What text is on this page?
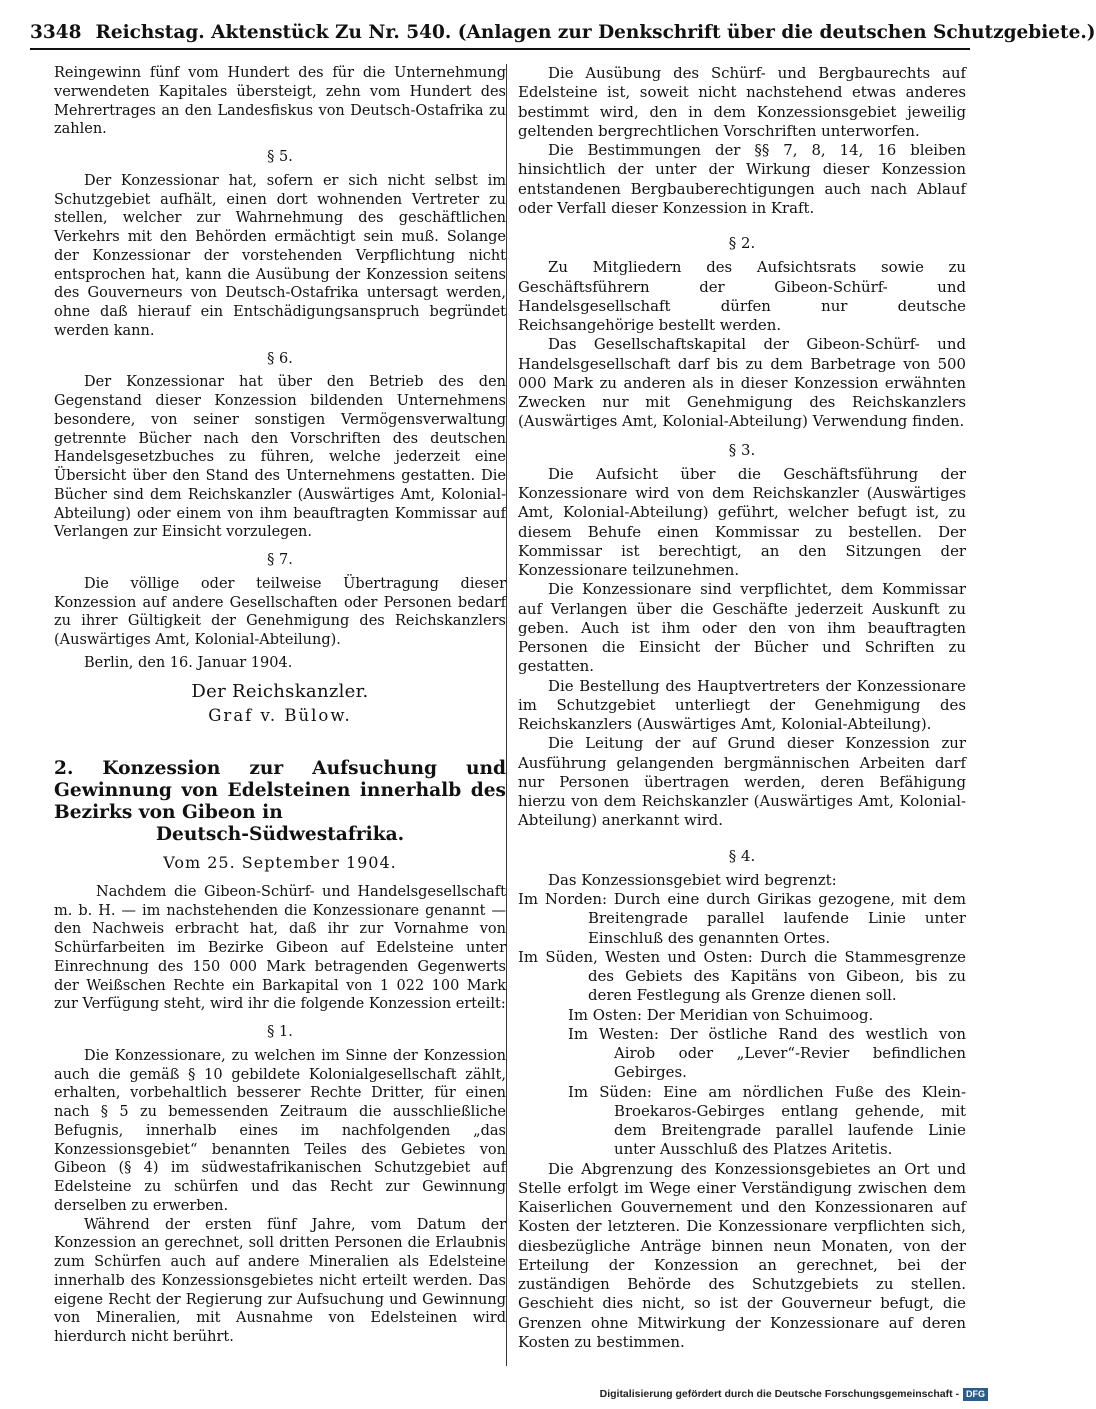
3348 Reichstag. Aktenstück Zu Nr. 540. (Anlagen zur Denkschrift über die deutschen Schutzgebiete.)

Reingewinn fünf vom Hundert des für die Unternehmung verwendeten Kapitales übersteigt, zehn vom Hundert des Mehrertrages an den Landesfiskus von Deutsch-Ostafrika zu zahlen.

§ 5.

Der Konzessionar hat, sofern er sich nicht selbst im Schutzgebiet aufhält, einen dort wohnenden Vertreter zu stellen, welcher zur Wahrnehmung des geschäftlichen Verkehrs mit den Behörden ermächtigt sein muß. Solange der Konzessionar der vorstehenden Verpflichtung nicht entsprochen hat, kann die Ausübung der Konzession seitens des Gouverneurs von Deutsch-Ostafrika untersagt werden, ohne daß hierauf ein Entschädigungsanspruch begründet werden kann.

§ 6.

Der Konzessionar hat über den Betrieb des den Gegenstand dieser Konzession bildenden Unternehmens besondere, von seiner sonstigen Vermögensverwaltung getrennte Bücher nach den Vorschriften des deutschen Handelsgesetzbuches zu führen, welche jederzeit eine Übersicht über den Stand des Unternehmens gestatten. Die Bücher sind dem Reichskanzler (Auswärtiges Amt, Kolonial-Abteilung) oder einem von ihm beauftragten Kommissar auf Verlangen zur Einsicht vorzulegen.

§ 7.

Die völlige oder teilweise Übertragung dieser Konzession auf andere Gesellschaften oder Personen bedarf zu ihrer Gültigkeit der Genehmigung des Reichskanzlers (Auswärtiges Amt, Kolonial-Abteilung).

Berlin, den 16. Januar 1904.

Der Reichskanzler.

Graf v. Bülow.

2. Konzession zur Aufsuchung und Gewinnung von Edelsteinen innerhalb des Bezirks von Gibeon in
Deutsch-Südwestafrika.

Vom 25. September 1904.

Nachdem die Gibeon-Schürf- und Handelsgesellschaft m. b. H. — im nachstehenden die Konzessionare genannt — den Nachweis erbracht hat, daß ihr zur Vornahme von Schürfarbeiten im Bezirke Gibeon auf Edelsteine unter Einrechnung des 150 000 Mark betragenden Gegenwerts der Weißschen Rechte ein Barkapital von 1 022 100 Mark zur Verfügung steht, wird ihr die folgende Konzession erteilt:

§ 1.

Die Konzessionare, zu welchen im Sinne der Konzession auch die gemäß § 10 gebildete Kolonialgesellschaft zählt, erhalten, vorbehaltlich besserer Rechte Dritter, für einen nach § 5 zu bemessenden Zeitraum die ausschließliche Befugnis, innerhalb eines im nachfolgenden „das Konzessionsgebiet“ benannten Teiles des Gebietes von Gibeon (§ 4) im südwestafrikanischen Schutzgebiet auf Edelsteine zu schürfen und das Recht zur Gewinnung derselben zu erwerben.

Während der ersten fünf Jahre, vom Datum der Konzession an gerechnet, soll dritten Personen die Erlaubnis zum Schürfen auch auf andere Mineralien als Edelsteine innerhalb des Konzessionsgebietes nicht erteilt werden. Das eigene Recht der Regierung zur Aufsuchung und Gewinnung von Mineralien, mit Ausnahme von Edelsteinen wird hierdurch nicht berührt.

Die Ausübung des Schürf- und Bergbaurechts auf Edelsteine ist, soweit nicht nachstehend etwas anderes bestimmt wird, den in dem Konzessionsgebiet jeweilig geltenden bergrechtlichen Vorschriften unterworfen.

Die Bestimmungen der §§ 7, 8, 14, 16 bleiben hinsichtlich der unter der Wirkung dieser Konzession entstandenen Bergbauberechtigungen auch nach Ablauf oder Verfall dieser Konzession in Kraft.

§ 2.

Zu Mitgliedern des Aufsichtsrats sowie zu Geschäftsführern der Gibeon-Schürf- und Handelsgesellschaft dürfen nur deutsche Reichsangehörige bestellt werden.

Das Gesellschaftskapital der Gibeon-Schürf- und Handelsgesellschaft darf bis zu dem Barbetrage von 500 000 Mark zu anderen als in dieser Konzession erwähnten Zwecken nur mit Genehmigung des Reichskanzlers (Auswärtiges Amt, Kolonial-Abteilung) Verwendung finden.

§ 3.

Die Aufsicht über die Geschäftsführung der Konzessionare wird von dem Reichskanzler (Auswärtiges Amt, Kolonial-Abteilung) geführt, welcher befugt ist, zu diesem Behufe einen Kommissar zu bestellen. Der Kommissar ist berechtigt, an den Sitzungen der Konzessionare teilzunehmen.

Die Konzessionare sind verpflichtet, dem Kommissar auf Verlangen über die Geschäfte jederzeit Auskunft zu geben. Auch ist ihm oder den von ihm beauftragten Personen die Einsicht der Bücher und Schriften zu gestatten.

Die Bestellung des Hauptvertreters der Konzessionare im Schutzgebiet unterliegt der Genehmigung des Reichskanzlers (Auswärtiges Amt, Kolonial-Abteilung).

Die Leitung der auf Grund dieser Konzession zur Ausführung gelangenden bergmännischen Arbeiten darf nur Personen übertragen werden, deren Befähigung hierzu von dem Reichskanzler (Auswärtiges Amt, Kolonial-Abteilung) anerkannt wird.

§ 4.

Das Konzessionsgebiet wird begrenzt:

Im Norden: Durch eine durch Girikas gezogene, mit dem Breitengrade parallel laufende Linie unter Einschluß des genannten Ortes.

Im Süden, Westen und Osten: Durch die Stammesgrenze des Gebiets des Kapitäns von Gibeon, bis zu deren Festlegung als Grenze dienen soll.

Im Osten: Der Meridian von Schuimoog.

Im Westen: Der östliche Rand des westlich von Airob oder „Lever“-Revier befindlichen Gebirges.

Im Süden: Eine am nördlichen Fuße des Klein-Broekaros-Gebirges entlang gehende, mit dem Breitengrade parallel laufende Linie unter Ausschluß des Platzes Aritetis.

Die Abgrenzung des Konzessionsgebietes an Ort und Stelle erfolgt im Wege einer Verständigung zwischen dem Kaiserlichen Gouvernement und den Konzessionaren auf Kosten der letzteren. Die Konzessionare verpflichten sich, diesbezügliche Anträge binnen neun Monaten, von der Erteilung der Konzession an gerechnet, bei der zuständigen Behörde des Schutzgebiets zu stellen. Geschieht dies nicht, so ist der Gouverneur befugt, die Grenzen ohne Mitwirkung der Konzessionare auf deren Kosten zu bestimmen.

Digitalisierung gefördert durch die Deutsche Forschungsgemeinschaft - DFG
